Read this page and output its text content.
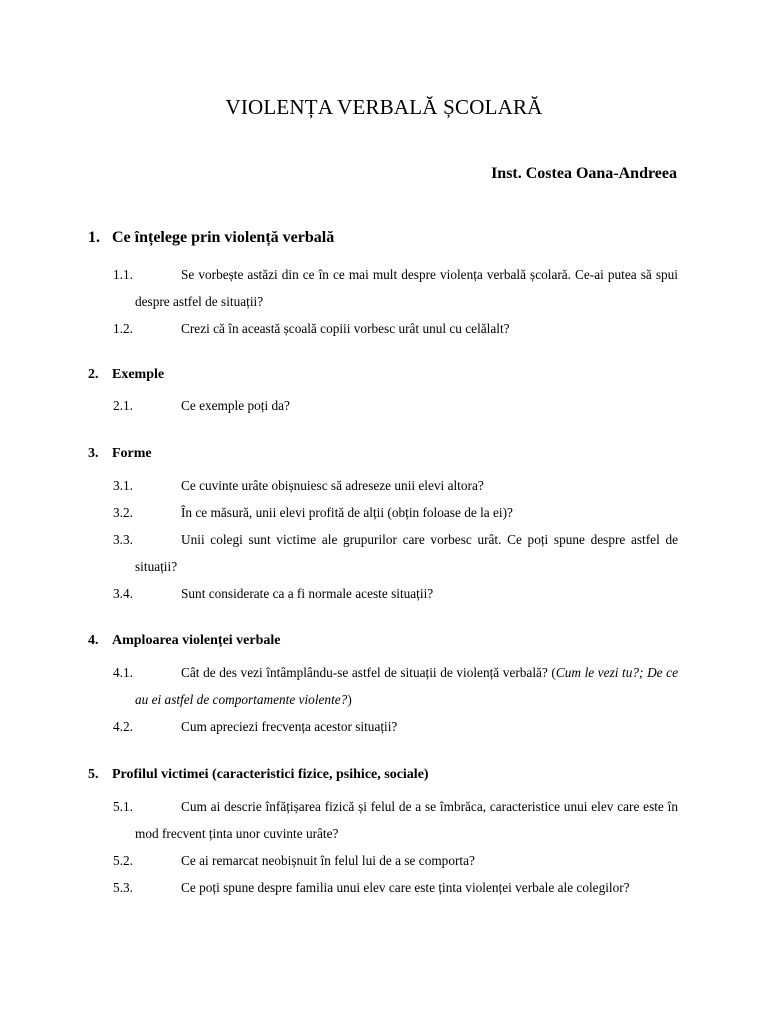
VIOLENȚA VERBALĂ ȘCOLARĂ
Inst. Costea Oana-Andreea
1. Ce înțelege prin violență verbală
1.1.	Se vorbește astăzi din ce în ce mai mult despre violența verbală școlară. Ce-ai putea să spui despre astfel de situații?
1.2.	Crezi că în această școală copiii vorbesc urât unul cu celălalt?
2. Exemple
2.1.	Ce exemple poți da?
3. Forme
3.1.	Ce cuvinte urâte obișnuiesc să adreseze unii elevi altora?
3.2.	În ce măsură, unii elevi profită de alții (obțin foloase de la ei)?
3.3.	Unii colegi sunt victime ale grupurilor care vorbesc urât. Ce poți spune despre astfel de situații?
3.4.	Sunt considerate ca a fi normale aceste situații?
4. Amploarea violenței verbale
4.1.	Cât de des vezi întâmplându-se astfel de situații de violență verbală? (Cum le vezi tu?; De ce au ei astfel de comportamente violente?)
4.2.	Cum apreciezi frecvența acestor situații?
5. Profilul victimei (caracteristici fizice, psihice, sociale)
5.1.	Cum ai descrie înfățișarea fizică și felul de a se îmbrăca, caracteristice unui elev care este în mod frecvent ținta unor cuvinte urâte?
5.2.	Ce ai remarcat neobișnuit în felul lui de a se comporta?
5.3.	Ce poți spune despre familia unui elev care este ținta violenței verbale ale colegilor?
